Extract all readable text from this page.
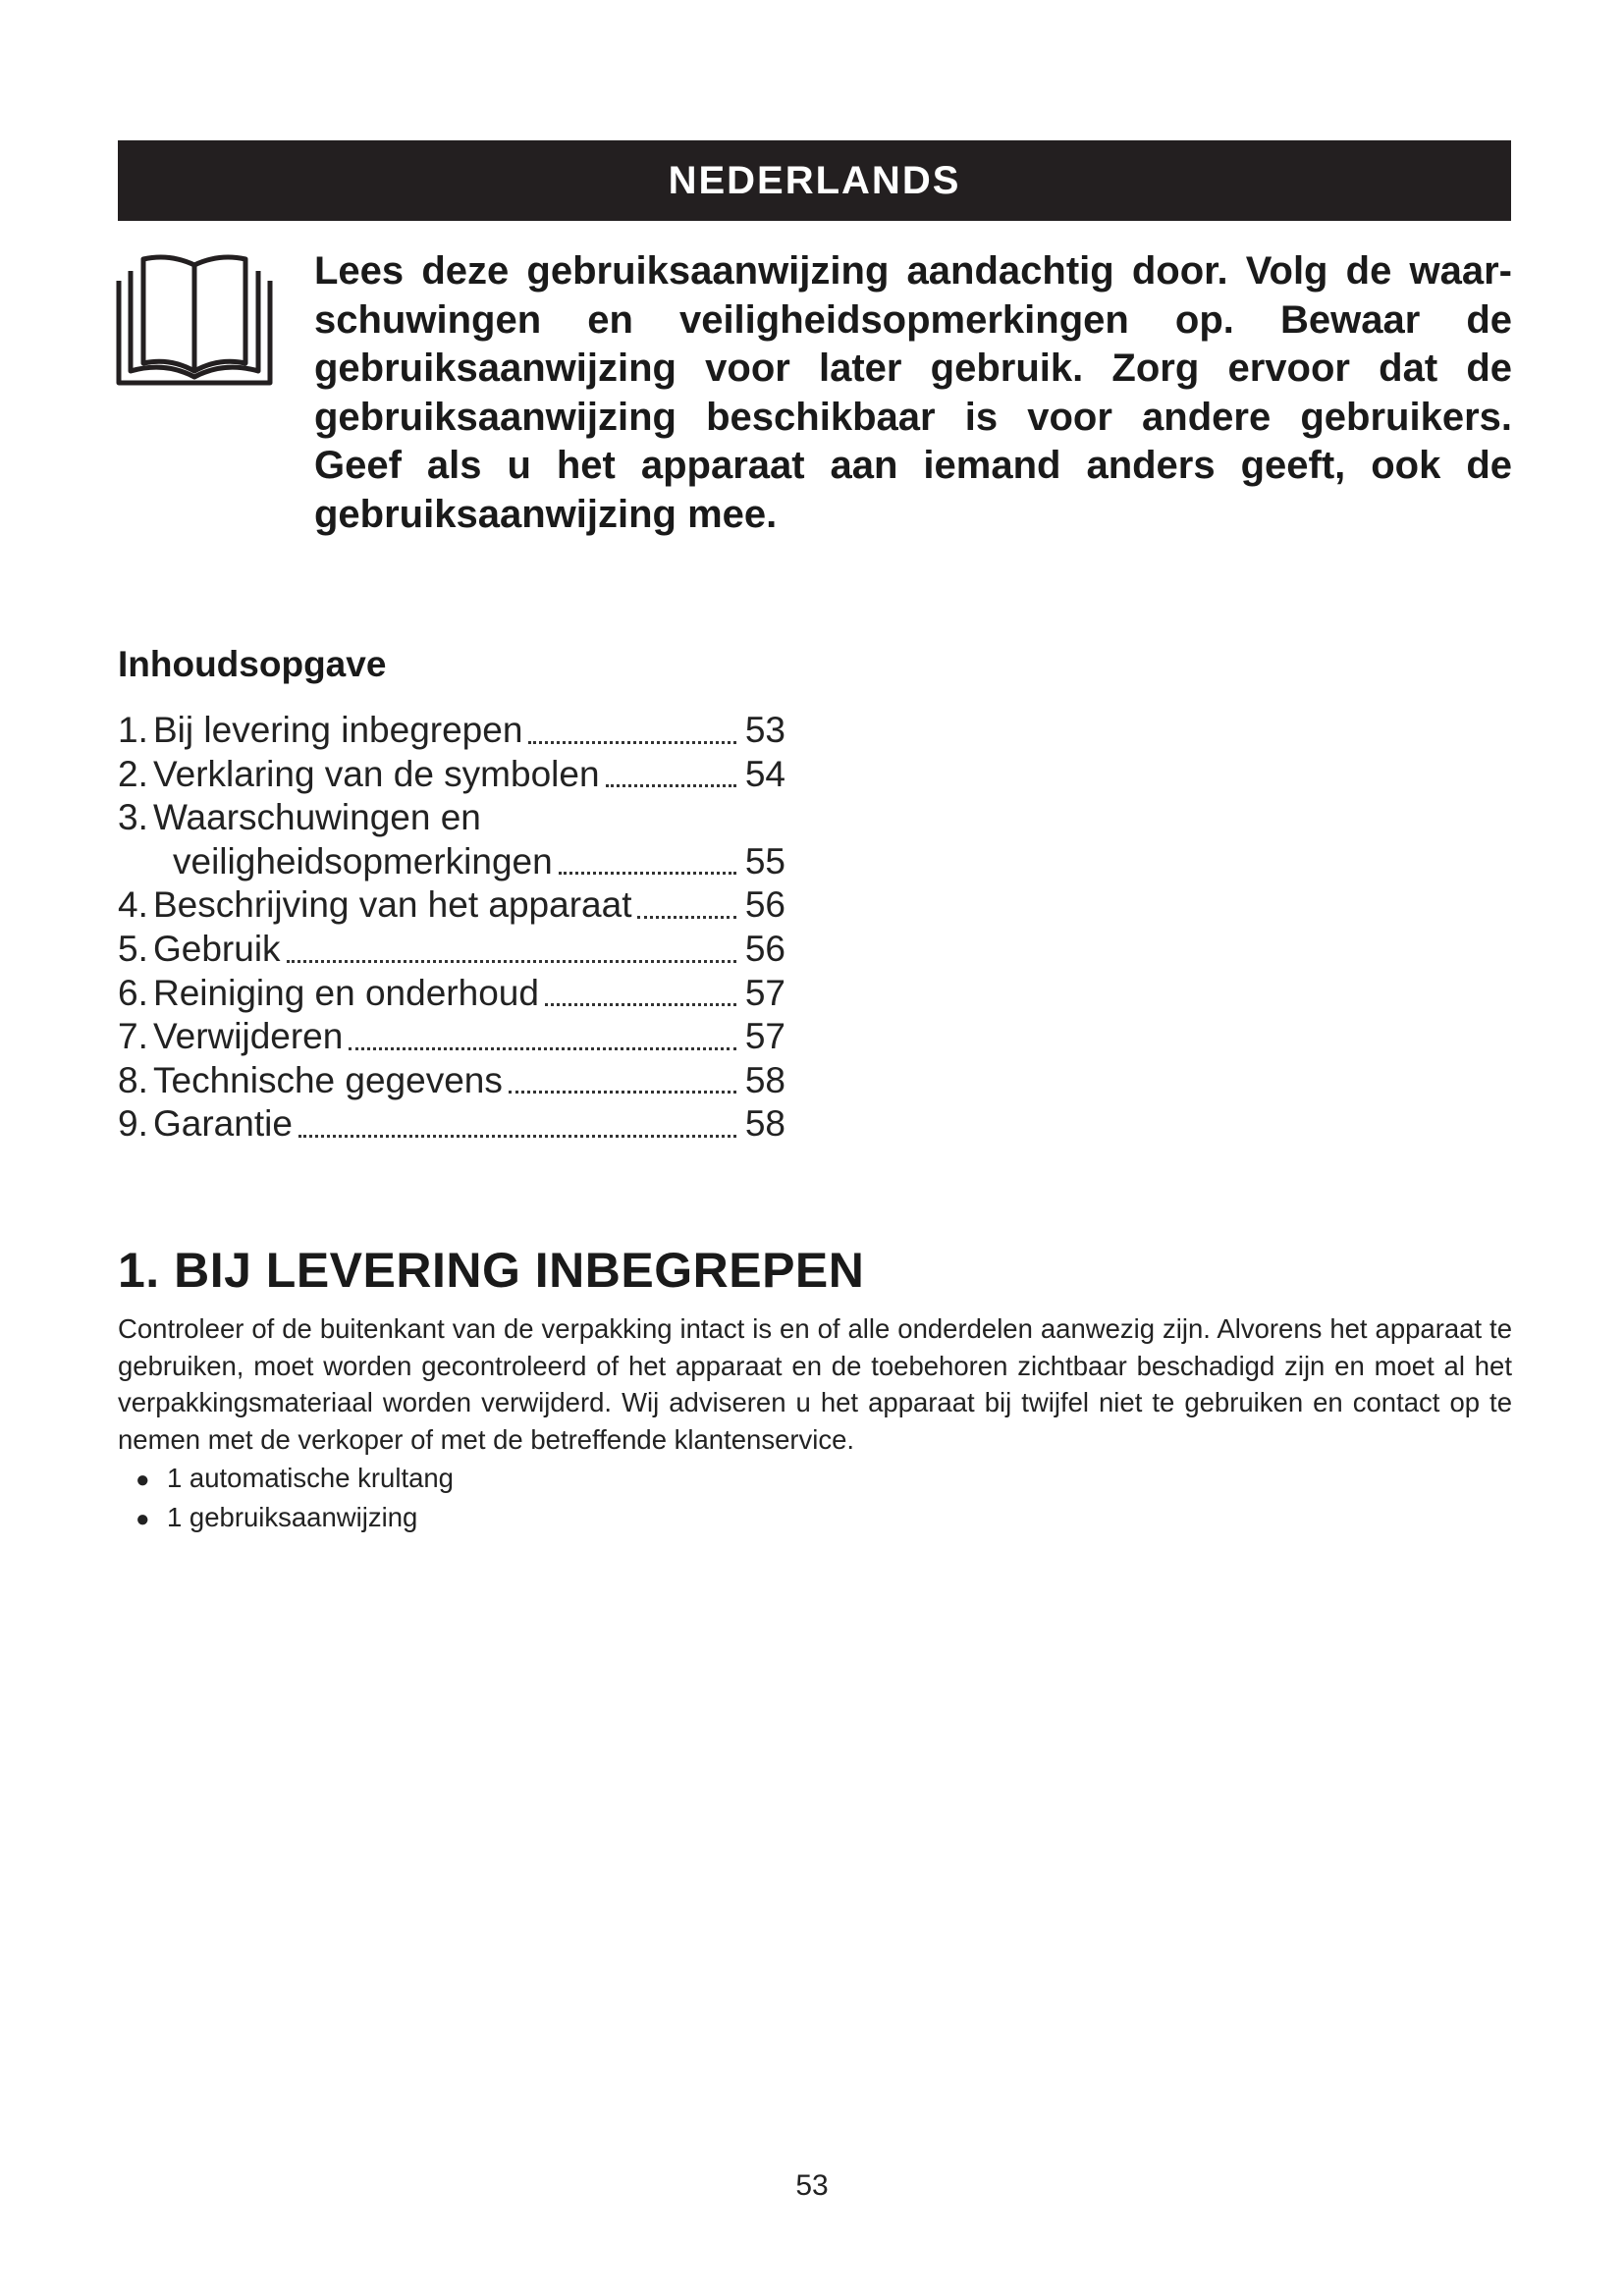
NEDERLANDS
Lees deze gebruiksaanwijzing aandachtig door. Volg de waarschuwingen en veiligheidsopmerkingen op. Bewaar de gebruiksaanwijzing voor later gebruik. Zorg ervoor dat de gebruiksaanwijzing beschikbaar is voor andere gebruikers. Geef als u het apparaat aan iemand anders geeft, ook de gebruiksaanwijzing mee.
Inhoudsopgave
1. Bij levering inbegrepen	53
2. Verklaring van de symbolen	54
3. Waarschuwingen en
veiligheidsopmerkingen	55
4. Beschrijving van het apparaat	56
5. Gebruik	56
6. Reiniging en onderhoud	57
7. Verwijderen	57
8. Technische gegevens	58
9. Garantie	58
1. BIJ LEVERING INBEGREPEN
Controleer of de buitenkant van de verpakking intact is en of alle onderdelen aanwezig zijn. Alvorens het apparaat te gebruiken, moet worden gecontroleerd of het apparaat en de toebehoren zichtbaar beschadigd zijn en moet al het verpakkingsmateriaal worden verwijderd. Wij adviseren u het apparaat bij twijfel niet te gebruiken en contact op te nemen met de verkoper of met de betreffende klantenservice.
● 1 automatische krultang
● 1 gebruiksaanwijzing
53
